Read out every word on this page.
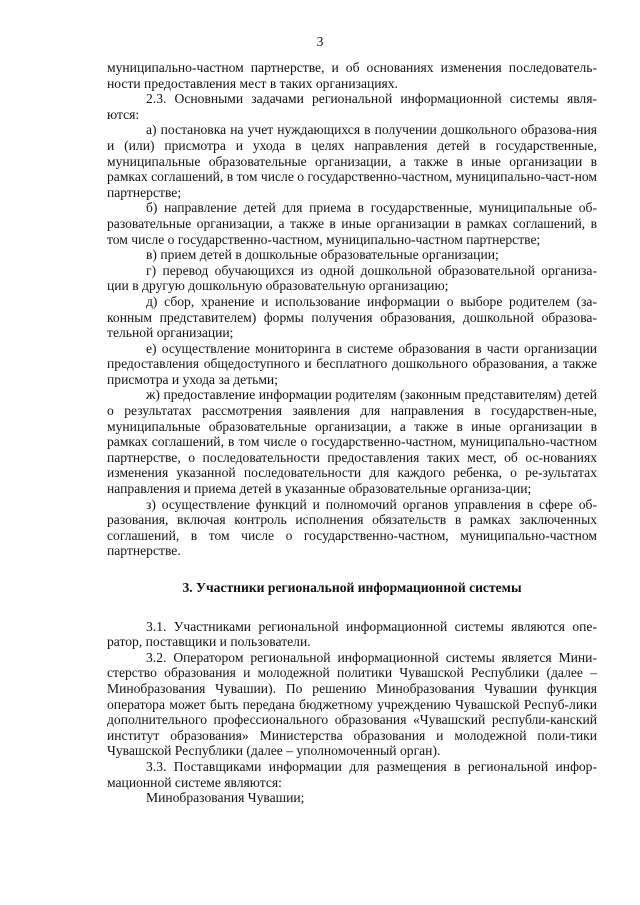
3

муниципально-частном партнерстве, и об основаниях изменения последователь-ности предоставления мест в таких организациях.

2.3. Основными задачами региональной информационной системы явля-ются:

а) постановка на учет нуждающихся в получении дошкольного образова-ния и (или) присмотра и ухода в целях направления детей в государственные, муниципальные образовательные организации, а также в иные организации в рамках соглашений, в том числе о государственно-частном, муниципально-част-ном партнерстве;

б) направление детей для приема в государственные, муниципальные об-разовательные организации, а также в иные организации в рамках соглашений, в том числе о государственно-частном, муниципально-частном партнерстве;

в) прием детей в дошкольные образовательные организации;

г) перевод обучающихся из одной дошкольной образовательной организа-ции в другую дошкольную образовательную организацию;

д) сбор, хранение и использование информации о выборе родителем (за-конным представителем) формы получения образования, дошкольной образова-тельной организации;

е) осуществление мониторинга в системе образования в части организации предоставления общедоступного и бесплатного дошкольного образования, а также присмотра и ухода за детьми;

ж) предоставление информации родителям (законным представителям) детей о результатах рассмотрения заявления для направления в государствен-ные, муниципальные образовательные организации, а также в иные организации в рамках соглашений, в том числе о государственно-частном, муниципально-частном партнерстве, о последовательности предоставления таких мест, об ос-нованиях изменения указанной последовательности для каждого ребенка, о ре-зультатах направления и приема детей в указанные образовательные организа-ции;

з) осуществление функций и полномочий органов управления в сфере об-разования, включая контроль исполнения обязательств в рамках заключенных соглашений, в том числе о государственно-частном, муниципально-частном партнерстве.

3. Участники региональной информационной системы

3.1. Участниками региональной информационной системы являются опе-ратор, поставщики и пользователи.

3.2. Оператором региональной информационной системы является Мини-стерство образования и молодежной политики Чувашской Республики (далее – Минобразования Чувашии). По решению Минобразования Чувашии функция оператора может быть передана бюджетному учреждению Чувашской Респуб-лики дополнительного профессионального образования «Чувашский республи-канский институт образования» Министерства образования и молодежной поли-тики Чувашской Республики (далее – уполномоченный орган).

3.3. Поставщиками информации для размещения в региональной инфор-мационной системе являются:

Минобразования Чувашии;
